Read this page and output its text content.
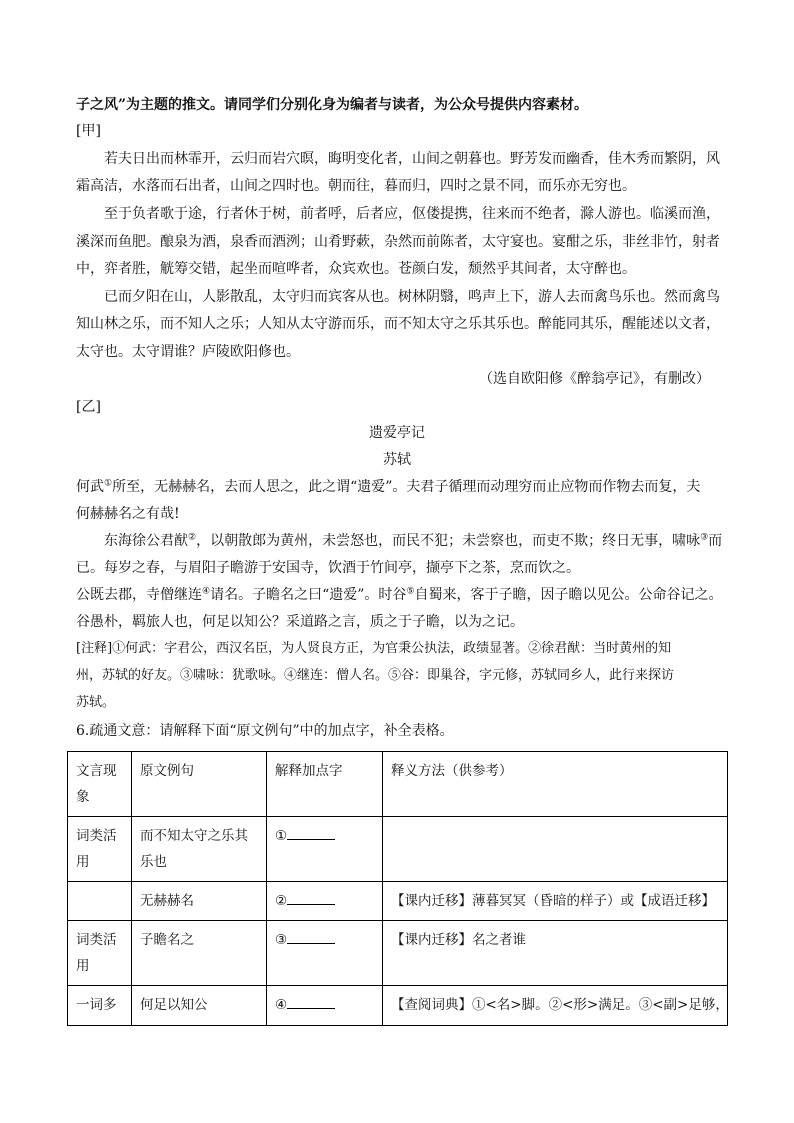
子之风”为主题的推文。请同学们分别化身为编者与读者，为公众号提供内容素材。
[甲]
若夫日出而林霏开，云归而岩穴暝，晦明变化者，山间之朝暮也。野芳发而幽香，佳木秀而繁阴，风
霜高洁，水落而石出者，山间之四时也。朝而往，暮而归，四时之景不同，而乐亦无穷也。
至于负者歌于途，行者休于树，前者呼，后者应，伛偻提携，往来而不绝者，滁人游也。临溪而渔，
溪深而鱼肥。酿泉为酒，泉香而酒洌；山肴野蔌，杂然而前陈者，太守宴也。宴酣之乐，非丝非竹，射者
中，弈者胜，觥筹交错，起坐而喧哗者，众宾欢也。苍颜白发，颓然乎其间者，太守醉也。
已而夕阳在山，人影散乱，太守归而宾客从也。树林阴翳，鸣声上下，游人去而禽鸟乐也。然而禽鸟
知山林之乐，而不知人之乐；人知从太守游而乐，而不知太守之乐其乐也。醉能同其乐，醒能述以文者，
太守也。太守谓谁？庐陵欧阳修也。
（选自欧阳修《醉翁亭记》，有删改）
[乙]
遗爱亭记
苏轼
何武①所至，无赫赫名，去而人思之，此之谓“遗爱”。夫君子循理而动理穷而止应物而作物去而复，夫
何赫赫名之有哉!
东海徐公君猷②，以朝散郎为黄州，未尝怒也，而民不犯；未尝察也，而吏不欺；终日无事，啸咏③而
已。每岁之春，与眉阳子瞻游于安国寺，饮酒于竹间亭，撷亭下之茶，烹而饮之。
公既去郡，寺僧继连④请名。子瞻名之曰“遗爱”。时谷⑤自蜀来，客于子瞻，因子瞻以见公。公命谷记之。
谷愚朴，羁旅人也，何足以知公？采道路之言，质之于子瞻，以为之记。
[注释]①何武：字君公，西汉名臣，为人贤良方正，为官秉公执法，政绩显著。②徐君猷：当时黄州的知
州，苏轼的好友。③啸咏：犹歌咏。④继连：僧人名。⑤谷：即巢谷，字元修，苏轼同乡人，此行来探访
苏轼。
6.疏通文意：请解释下面“原文例句”中的加点字，补全表格。
文言现象	原文例句	解释加点字	释义方法（供参考）
词类活用	而不知太守之乐其乐也	①	
	无赫赫名	②	【课内迁移】薄暮冥冥（昏暗的样子）或【成语迁移】
词类活用	子瞻名之	③	【课内迁移】名之者谁
一词多	何足以知公	④	【查阅词典】①<名>脚。②<形>满足。③<副>足够，
